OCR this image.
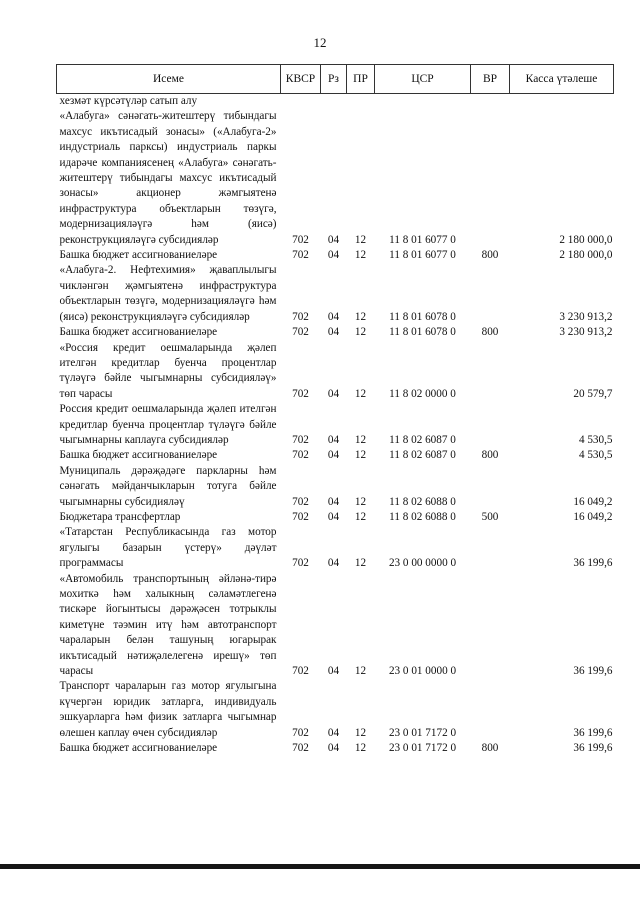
12
Исеме	КВСР	Рз	ПР	ЦСР	ВР	Касса үтәлеше
хезмәт күрсәтүләр сатып алу						
«Алабуга» сәнәгать-житештерү тибындагы махсус икътисадый зонасы» («Алабуга-2» индустриаль парксы) индустриаль паркы идарәче компаниясенең «Алабуга» сәнәгать-житештерү тибындагы махсус икътисадый зонасы» акционер жәмгыятенә инфраструктура объектларын төзүгә, модернизацияләүгә һәм (яисә) реконструкцияләүгә субсидияләр	702	04	12	11 8 01 6077 0		2 180 000,0
Башка бюджет ассигнованиеләре	702	04	12	11 8 01 6077 0	800	2 180 000,0
«Алабуга-2. Нефтехимия» җаваплылыгы чикләнгән җәмгыятенә инфраструктура объектларын төзүгә, модернизацияләүгә һәм (яисә) реконструкцияләүгә субсидияләр	702	04	12	11 8 01 6078 0		3 230 913,2
Башка бюджет ассигнованиеләре	702	04	12	11 8 01 6078 0	800	3 230 913,2
«Россия кредит оешмаларында җәлеп ителгән кредитлар буенча процентлар түләүгә бәйле чыгымнарны субсидияләү» төп чарасы	702	04	12	11 8 02 0000 0		20 579,7
Россия кредит оешмаларында җәлеп ителгән кредитлар буенча процентлар түләүгә бәйле чыгымнарны каплауга субсидияләр	702	04	12	11 8 02 6087 0		4 530,5
Башка бюджет ассигнованиеләре	702	04	12	11 8 02 6087 0	800	4 530,5
Муниципаль дәрәҗәдәге паркларны һәм сәнәгать мәйданчыкларын тотуга бәйле чыгымнарны субсидияләү	702	04	12	11 8 02 6088 0		16 049,2
Бюджетара трансфертлар	702	04	12	11 8 02 6088 0	500	16 049,2
«Татарстан Республикасында газ мотор ягулыгы базарын үстерү» дәүләт программасы	702	04	12	23 0 00 0000 0		36 199,6
«Автомобиль транспортының әйләнә-тирә мохиткә һәм халыкның сәламәтлегенә тискәре йогынтысы дәрәҗәсен тотрыклы киметүне тәэмин итү һәм автотранспорт чараларын белән ташуның югарырак икътисадый нәтиҗәлелегенә ирешү» төп чарасы	702	04	12	23 0 01 0000 0		36 199,6
Транспорт чараларын газ мотор ягулыгына күчергән юридик затларга, индивидуаль эшкуарларга һәм физик затларга чыгымнар өлешен каплау өчен субсидияләр	702	04	12	23 0 01 7172 0		36 199,6
Башка бюджет ассигнованиеләре	702	04	12	23 0 01 7172 0	800	36 199,6
